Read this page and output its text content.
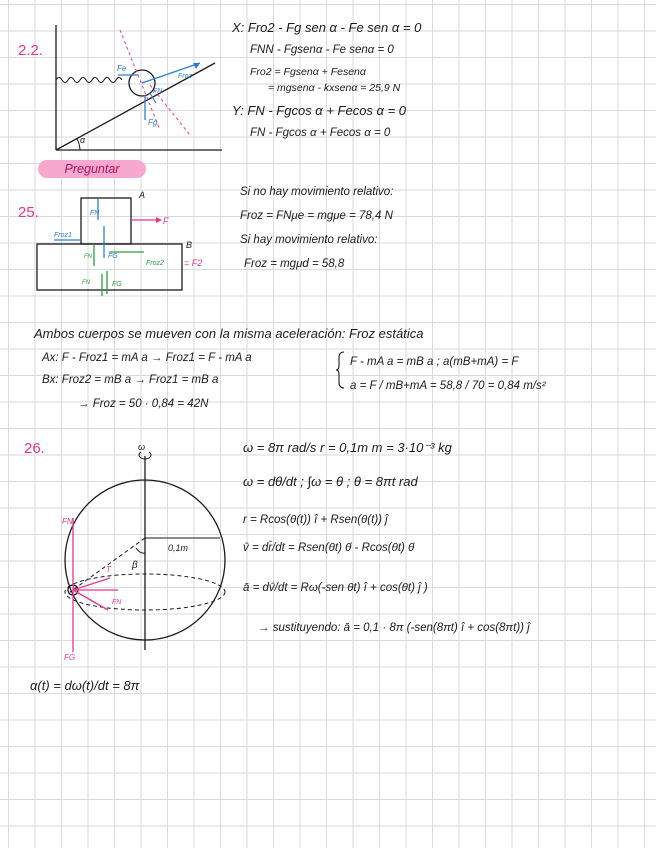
2.2.
Fe
FN
Froz
Fg
α
X: Fro2 - Fg sen α - Fe sen α = 0
FNN - Fgsenα - Fe senα = 0
Fro2 = Fgsenα + Fesenα
= mgsenα - kxsenα = 25,9 N
Y: FN - Fgcos α + Fecos α = 0
FN - Fgcos α + Fecos α = 0
Preguntar
25.
A
B
F
FN
Froz1
FN FG
Froz2 = F2
FN	FG
Si no hay movimiento relativo:
Froz = FNμe = mgμe = 78,4 N
Si hay movimiento relativo:
Froz = mgμd = 58,8
Ambos cuerpos se mueven con la misma aceleración: Froz estática
Ax: F - Froz1 = mA a → Froz1 = F - mA a
Bx: Froz2 = mB a → Froz1 = mB a
→ Froz = 50 · 0,84 = 42N
F - mA a = mB a ; a(mB+mA) = F
a = F / mB+mA = 58,8 / 70 = 0,84 m/s²
26.
FN
T
FN
FG
0,1m
β
ω	ω = 8π rad/s r = 0,1m m = 3·10⁻³ kg
ω = dθ/dt ; ∫ω = θ ; θ = 8πt rad
r = Rcos(θ(t)) î + Rsen(θ(t)) ĵ
v̄ = dr̄/dt = Rsen(θt) θ̇ - Rcos(θt) θ̇
ā = dv̄/dt = Rω(-sen θt) î + cos(θt) ĵ )
→ sustituyendo: ā = 0,1 · 8π (-sen(8πt) î + cos(8πt)) ĵ
α(t) = dω(t)/dt = 8π
